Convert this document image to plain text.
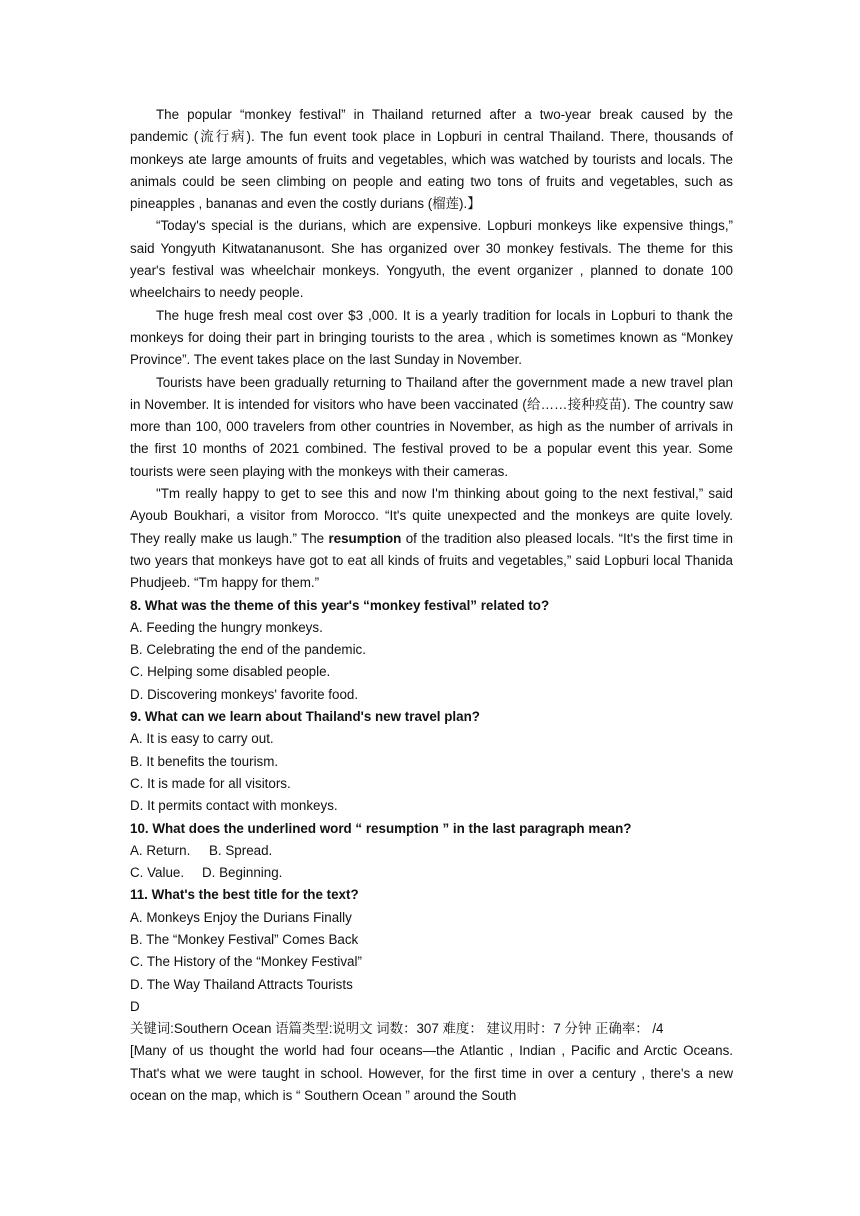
The popular “monkey festival” in Thailand returned after a two-year break caused by the pandemic (流行病). The fun event took place in Lopburi in central Thailand. There, thousands of monkeys ate large amounts of fruits and vegetables, which was watched by tourists and locals. The animals could be seen climbing on people and eating two tons of fruits and vegetables, such as pineapples , bananas and even the costly durians (榴莲).】

“Today's special is the durians, which are expensive. Lopburi monkeys like expensive things,” said Yongyuth Kitwatananusont. She has organized over 30 monkey festivals. The theme for this year's festival was wheelchair monkeys. Yongyuth, the event organizer , planned to donate 100 wheelchairs to needy people.

The huge fresh meal cost over $3 ,000. It is a yearly tradition for locals in Lopburi to thank the monkeys for doing their part in bringing tourists to the area , which is sometimes known as “Monkey Province”. The event takes place on the last Sunday in November.

Tourists have been gradually returning to Thailand after the government made a new travel plan in November. It is intended for visitors who have been vaccinated (给……接种疫苗). The country saw more than 100, 000 travelers from other countries in November, as high as the number of arrivals in the first 10 months of 2021 combined. The festival proved to be a popular event this year. Some tourists were seen playing with the monkeys with their cameras.

"Tm really happy to get to see this and now I'm thinking about going to the next festival,” said Ayoub Boukhari, a visitor from Morocco. “It's quite unexpected and the monkeys are quite lovely. They really make us laugh.” The resumption of the tradition also pleased locals. “It's the first time in two years that monkeys have got to eat all kinds of fruits and vegetables,” said Lopburi local Thanida Phudjeeb. “Tm happy for them.”

8. What was the theme of this year's “monkey festival” related to?

A. Feeding the hungry monkeys.

B. Celebrating the end of the pandemic.

C. Helping some disabled people.

D. Discovering monkeys' favorite food.

9. What can we learn about Thailand's new travel plan?

A. It is easy to carry out.

B. It benefits the tourism.

C. It is made for all visitors.

D. It permits contact with monkeys.

10. What does the underlined word “ resumption ” in the last paragraph mean?

A. Return. B. Spread.

C. Value. D. Beginning.

11. What's the best title for the text?

A. Monkeys Enjoy the Durians Finally

B. The “Monkey Festival” Comes Back

C. The History of the “Monkey Festival”

D. The Way Thailand Attracts Tourists

D

关键词:Southern Ocean 语篇类型:说明文 词数：307 难度： 建议用时：7 分钟 正确率： /4

[Many of us thought the world had four oceans—the Atlantic , Indian , Pacific and Arctic Oceans. That's what we were taught in school. However, for the first time in over a century , there's a new ocean on the map, which is “ Southern Ocean ” around the South
